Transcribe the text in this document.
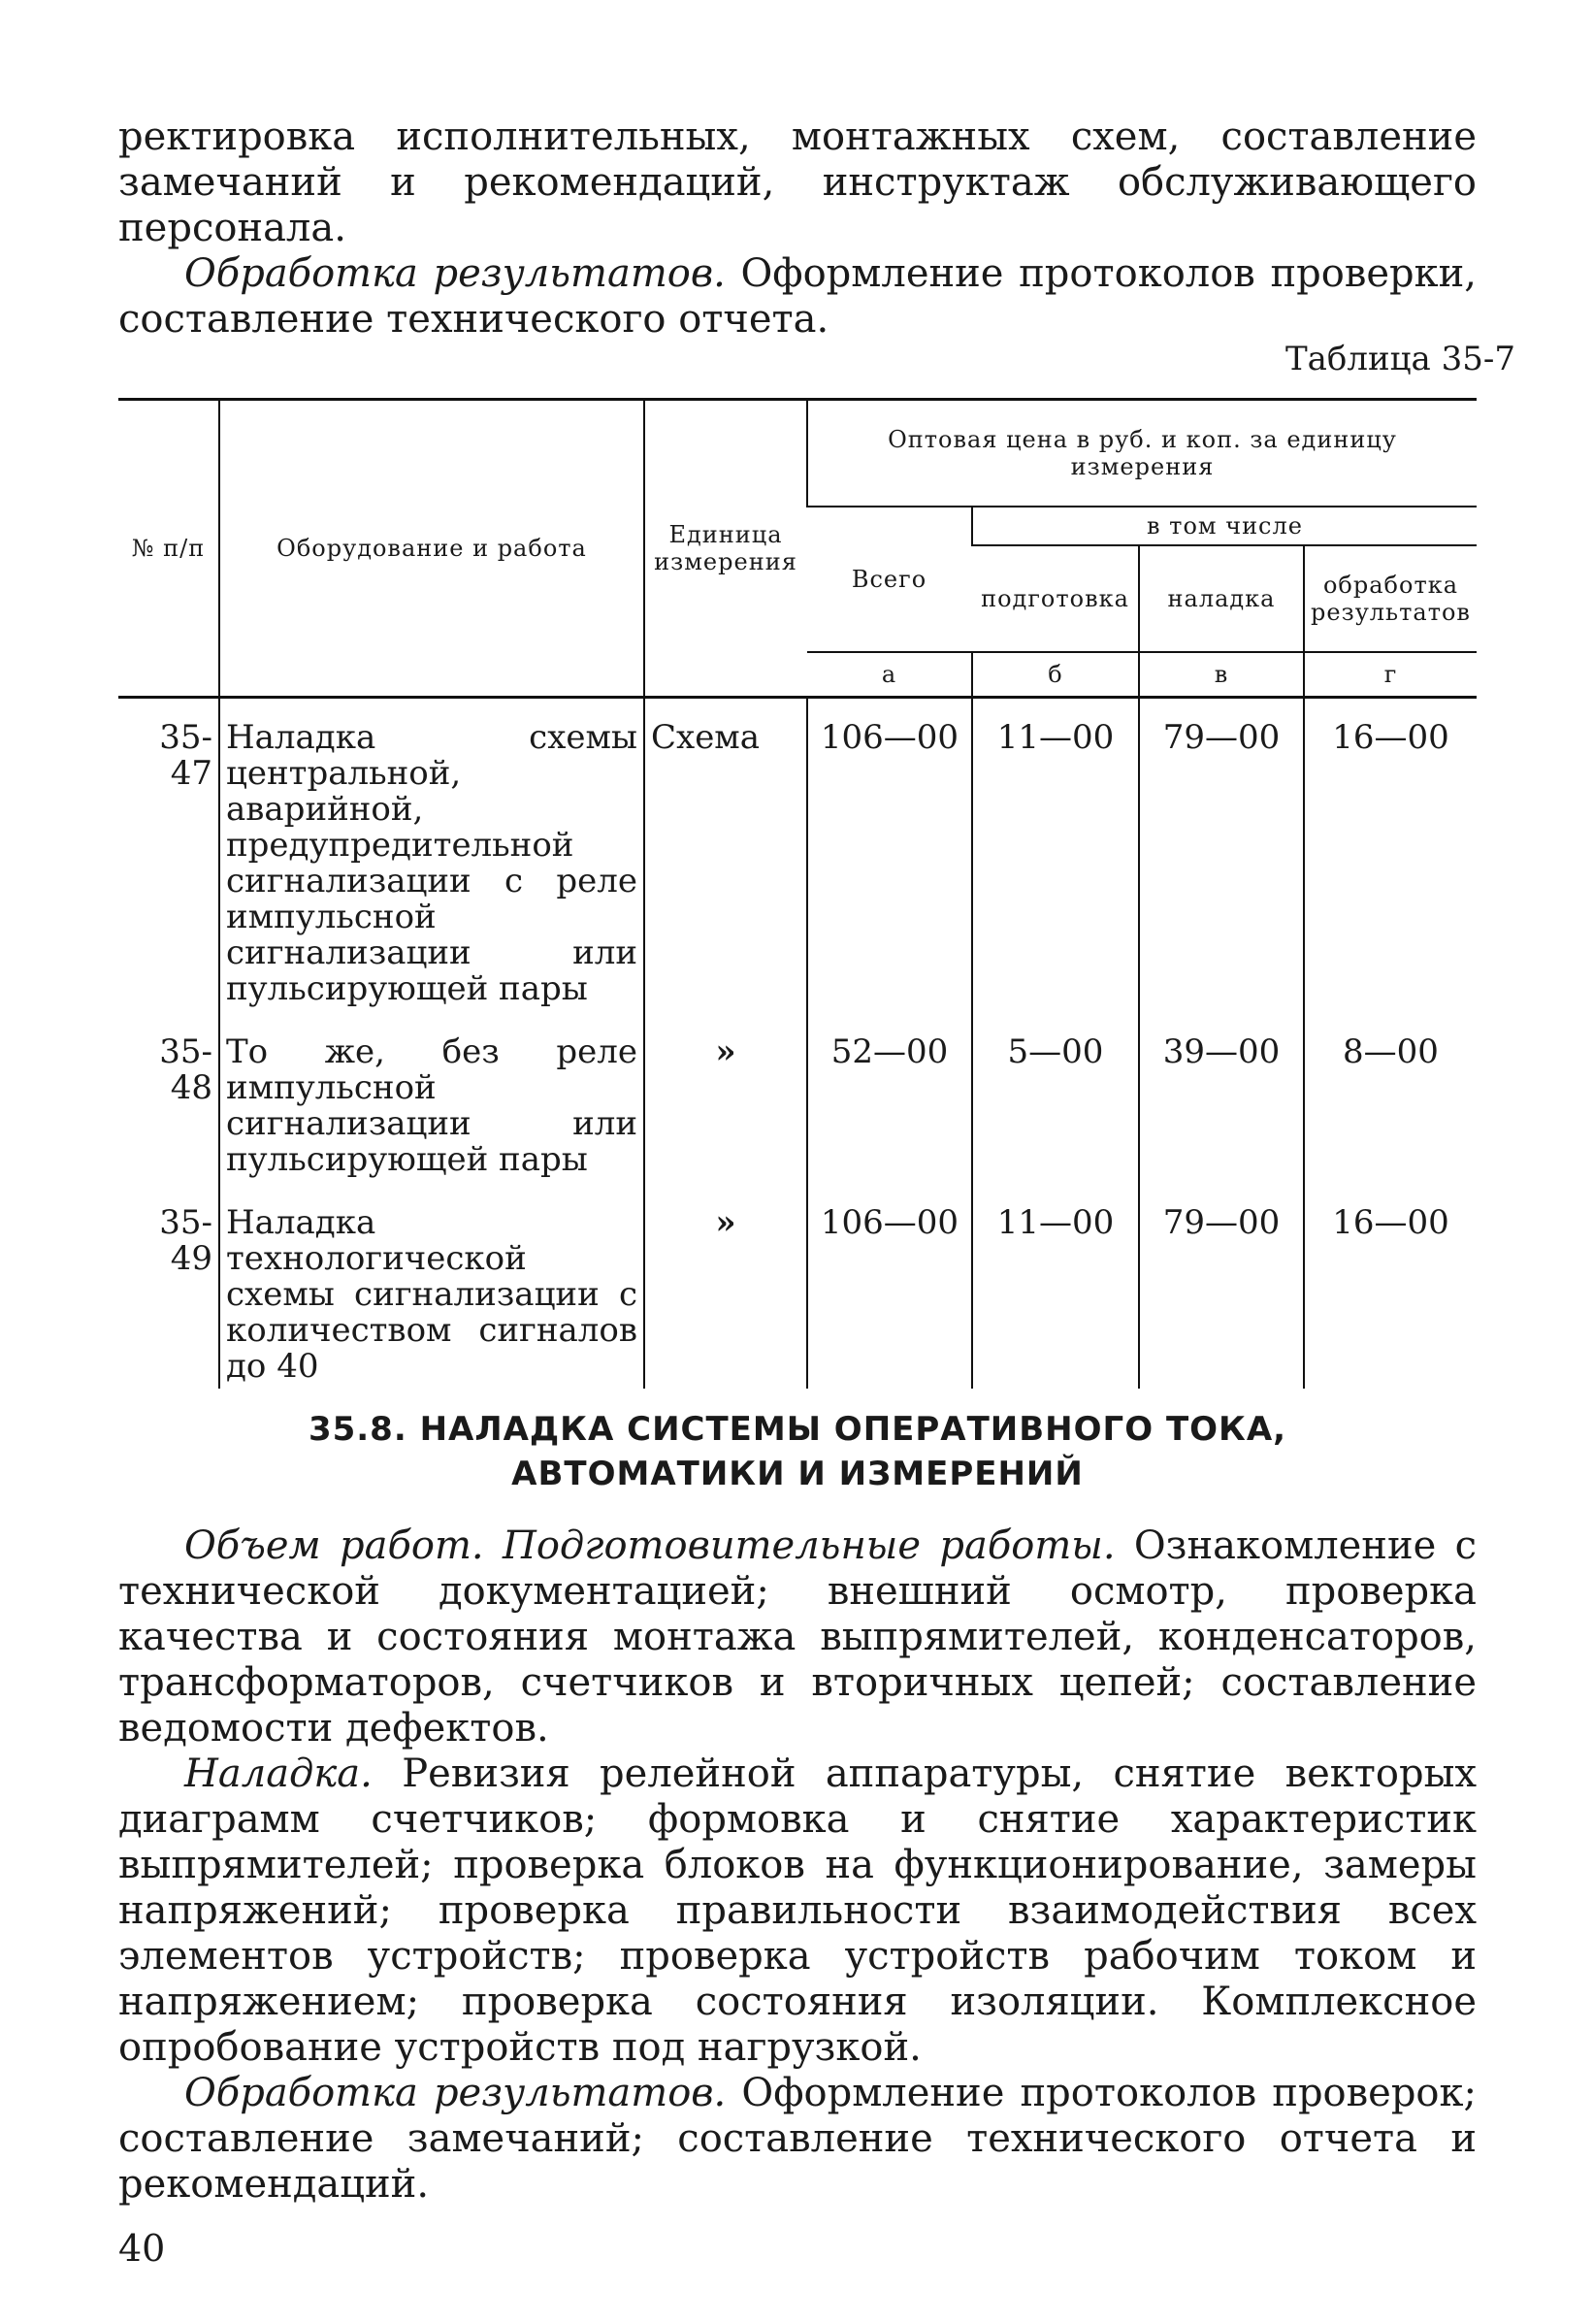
ректировка исполнительных, монтажных схем, составление замечаний и рекомендаций, инструктаж обслуживающего персонала.

Обработка результатов. Оформление протоколов проверки, составление технического отчета.

Таблица 35-7
№ п/п	Оборудование и работа	Единица измерения	Оптовая цена в руб. и коп. за единицу измерения			
			Всего	в том числе		
				подготовка	наладка	обработка результатов
			а	б	в	г
35-47	Наладка схемы центральной, аварийной, предупредительной сигнализации с реле импульсной сигнализации или пульсирующей пары	Схема	106—00	11—00	79—00	16—00
35-48	То же, без реле импульсной сигнализации или пульсирующей пары	»	52—00	5—00	39—00	8—00
35-49	Наладка технологической схемы сигнализации с количеством сигналов до 40	»	106—00	11—00	79—00	16—00
35.8. НАЛАДКА СИСТЕМЫ ОПЕРАТИВНОГО ТОКА,
АВТОМАТИКИ И ИЗМЕРЕНИЙ

Объем работ. Подготовительные работы. Ознакомление с технической документацией; внешний осмотр, проверка качества и состояния монтажа выпрямителей, конденсаторов, трансформаторов, счетчиков и вторичных цепей; составление ведомости дефектов.

Наладка. Ревизия релейной аппаратуры, снятие векторых диаграмм счетчиков; формовка и снятие характеристик выпрямителей; проверка блоков на функционирование, замеры напряжений; проверка правильности взаимодействия всех элементов устройств; проверка устройств рабочим током и напряжением; проверка состояния изоляции. Комплексное опробование устройств под нагрузкой.

Обработка результатов. Оформление протоколов проверок; составление замечаний; составление технического отчета и рекомендаций.

40
